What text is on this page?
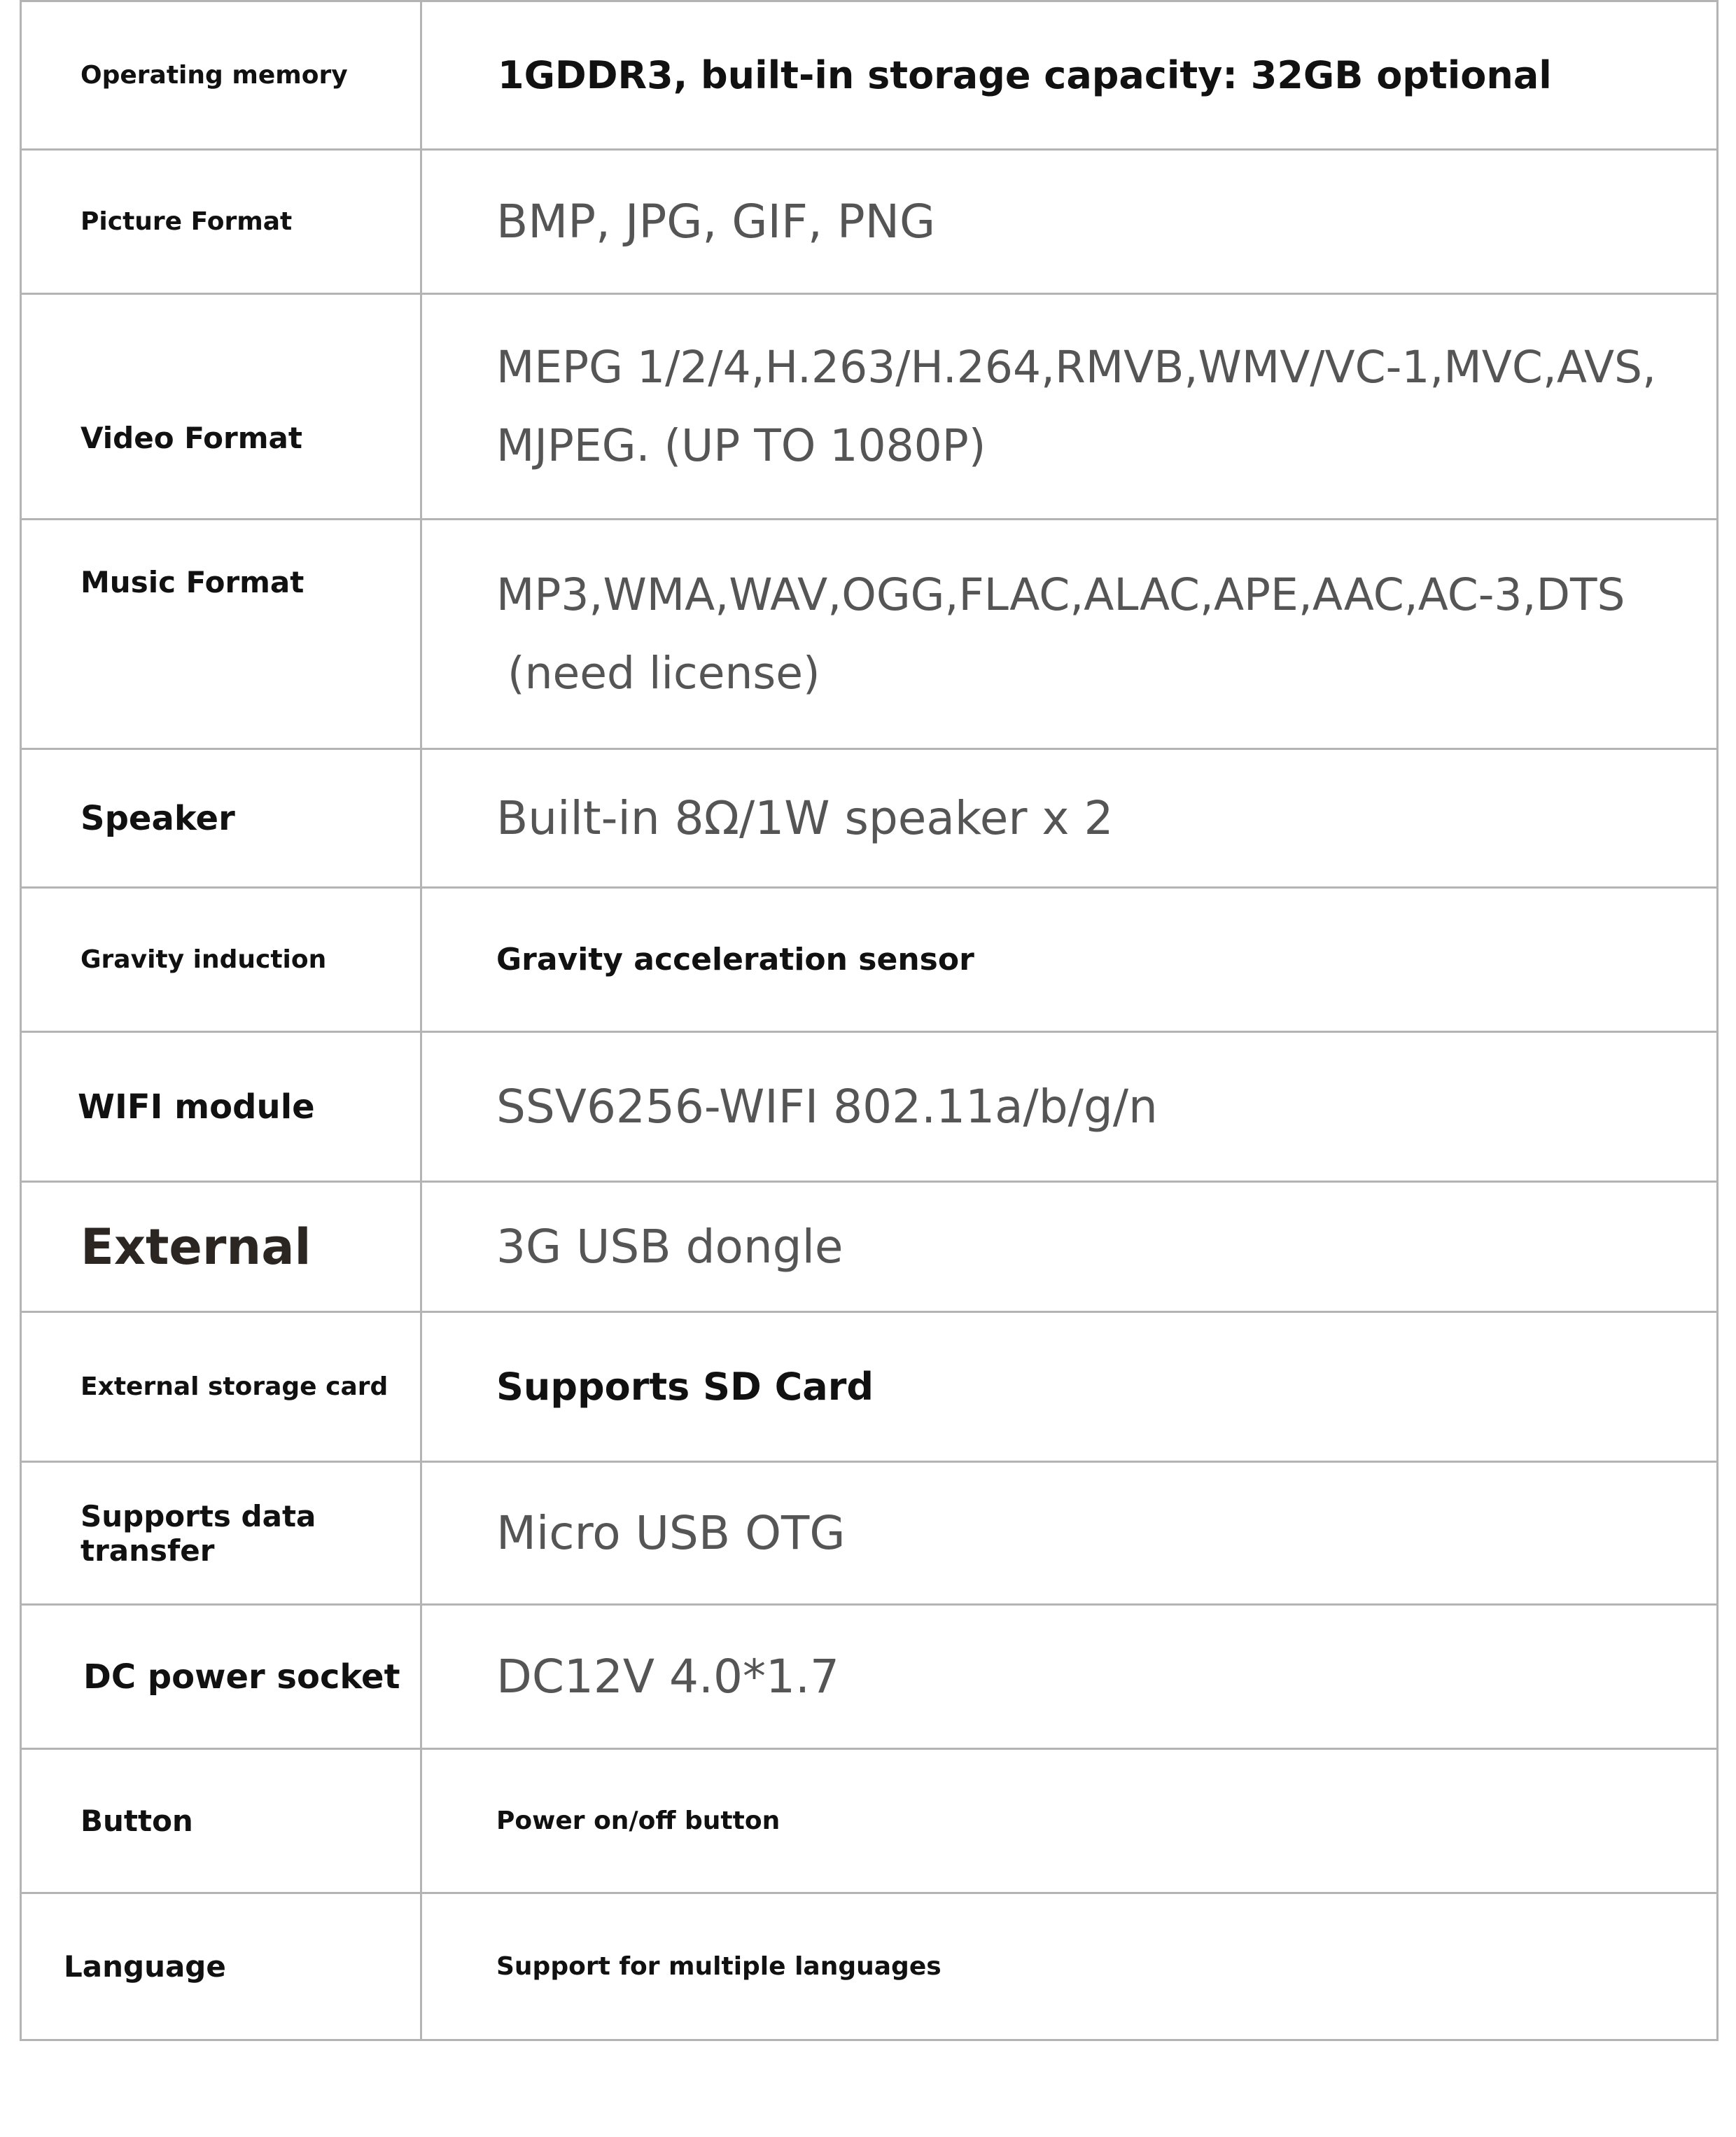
Operating memory	1GDDR3, built-in storage capacity: 32GB optional
Picture Format	BMP, JPG, GIF, PNG
Video Format	MEPG 1/2/4,H.263/H.264,RMVB,WMV/VC-1,MVC,AVS,
MJPEG. (UP TO 1080P)

Music Format	MP3,WMA,WAV,OGG,FLAC,ALAC,APE,AAC,AC-3,DTS
(need license)

Speaker	Built-in 8Ω/1W speaker x 2
Gravity induction	Gravity acceleration sensor
WIFI module	SSV6256-WIFI 802.11a/b/g/n
External	3G USB dongle
External storage card	Supports SD Card
Supports data transfer	Micro USB OTG
DC power socket	DC12V 4.0*1.7
Button	Power on/off button
Language	Support for multiple languages
